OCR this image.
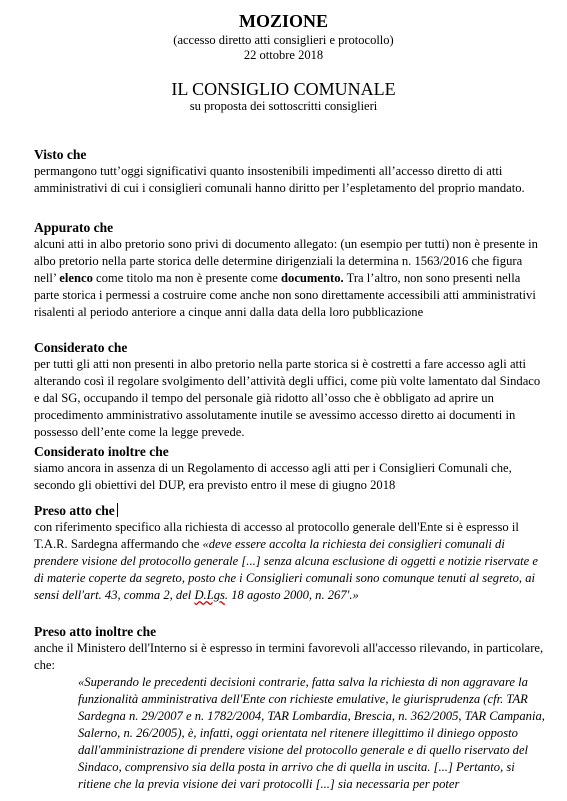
MOZIONE
(accesso diretto atti consiglieri e protocollo)
22 ottobre 2018
IL CONSIGLIO COMUNALE
su proposta dei sottoscritti consiglieri
Visto che
permangono tutt’oggi significativi quanto insostenibili impedimenti all’accesso diretto di atti amministrativi di cui i consiglieri comunali hanno diritto per l’espletamento del proprio mandato.
Appurato che
alcuni atti in albo pretorio sono privi di documento allegato: (un esempio per tutti) non è presente in albo pretorio nella parte storica delle determine dirigenziali la determina n. 1563/2016 che figura nell’ elenco come titolo ma non è presente come documento. Tra l’altro, non sono presenti nella parte storica i permessi a costruire come anche non sono direttamente accessibili atti amministrativi risalenti al periodo anteriore a cinque anni dalla data della loro pubblicazione
Considerato che
per tutti gli atti non presenti in albo pretorio nella parte storica si è costretti a fare accesso agli atti alterando così il regolare svolgimento dell’attività degli uffici, come più volte lamentato dal Sindaco e dal SG, occupando il tempo del personale già ridotto all’osso che è obbligato ad aprire un procedimento amministrativo assolutamente inutile se avessimo accesso diretto ai documenti in possesso dell’ente come la legge prevede.
Considerato inoltre che
siamo ancora in assenza di un Regolamento di accesso agli atti per i Consiglieri Comunali che, secondo gli obiettivi del DUP, era previsto entro il mese di giugno 2018
Preso atto che
con riferimento specifico alla richiesta di accesso al protocollo generale dell'Ente si è espresso il T.A.R. Sardegna affermando che «deve essere accolta la richiesta dei consiglieri comunali di prendere visione del protocollo generale [...] senza alcuna esclusione di oggetti e notizie riservate e di materie coperte da segreto, posto che i Consiglieri comunali sono comunque tenuti al segreto, ai sensi dell'art. 43, comma 2, del D.Lgs. 18 agosto 2000, n. 267'.»
Preso atto inoltre che
anche il Ministero dell'Interno si è espresso in termini favorevoli all'accesso rilevando, in particolare, che:
«Superando le precedenti decisioni contrarie, fatta salva la richiesta di non aggravare la funzionalità amministrativa dell'Ente con richieste emulative, le giurisprudenza (cfr. TAR Sardegna n. 29/2007 e n. 1782/2004, TAR Lombardia, Brescia, n. 362/2005, TAR Campania, Salerno, n. 26/2005), è, infatti, oggi orientata nel ritenere illegittimo il diniego opposto dall'amministrazione di prendere visione del protocollo generale e di quello riservato del Sindaco, comprensivo sia della posta in arrivo che di quella in uscita. [...] Pertanto, si ritiene che la previa visione dei vari protocolli [...] sia necessaria per poter
